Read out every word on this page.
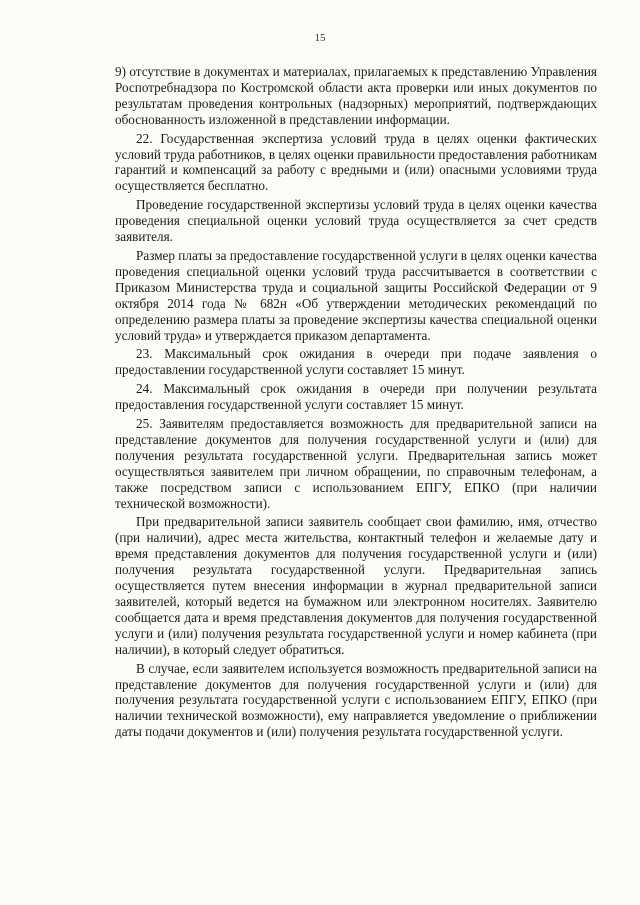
15

9) отсутствие в документах и материалах, прилагаемых к представлению Управления Роспотребнадзора по Костромской области акта проверки или иных документов по результатам проведения контрольных (надзорных) мероприятий, подтверждающих обоснованность изложенной в представлении информации.

22. Государственная экспертиза условий труда в целях оценки фактических условий труда работников, в целях оценки правильности предоставления работникам гарантий и компенсаций за работу с вредными и (или) опасными условиями труда осуществляется бесплатно.

Проведение государственной экспертизы условий труда в целях оценки качества проведения специальной оценки условий труда осуществляется за счет средств заявителя.

Размер платы за предоставление государственной услуги в целях оценки качества проведения специальной оценки условий труда рассчитывается в соответствии с Приказом Министерства труда и социальной защиты Российской Федерации от 9 октября 2014 года № 682н «Об утверждении методических рекомендаций по определению размера платы за проведение экспертизы качества специальной оценки условий труда» и утверждается приказом департамента.

23. Максимальный срок ожидания в очереди при подаче заявления о предоставлении государственной услуги составляет 15 минут.

24. Максимальный срок ожидания в очереди при получении результата предоставления государственной услуги составляет 15 минут.

25. Заявителям предоставляется возможность для предварительной записи на представление документов для получения государственной услуги и (или) для получения результата государственной услуги. Предварительная запись может осуществляться заявителем при личном обращении, по справочным телефонам, а также посредством записи с использованием ЕПГУ, ЕПКО (при наличии технической возможности).

При предварительной записи заявитель сообщает свои фамилию, имя, отчество (при наличии), адрес места жительства, контактный телефон и желаемые дату и время представления документов для получения государственной услуги и (или) получения результата государственной услуги. Предварительная запись осуществляется путем внесения информации в журнал предварительной записи заявителей, который ведется на бумажном или электронном носителях. Заявителю сообщается дата и время представления документов для получения государственной услуги и (или) получения результата государственной услуги и номер кабинета (при наличии), в который следует обратиться.

В случае, если заявителем используется возможность предварительной записи на представление документов для получения государственной услуги и (или) для получения результата государственной услуги с использованием ЕПГУ, ЕПКО (при наличии технической возможности), ему направляется уведомление о приближении даты подачи документов и (или) получения результата государственной услуги.
